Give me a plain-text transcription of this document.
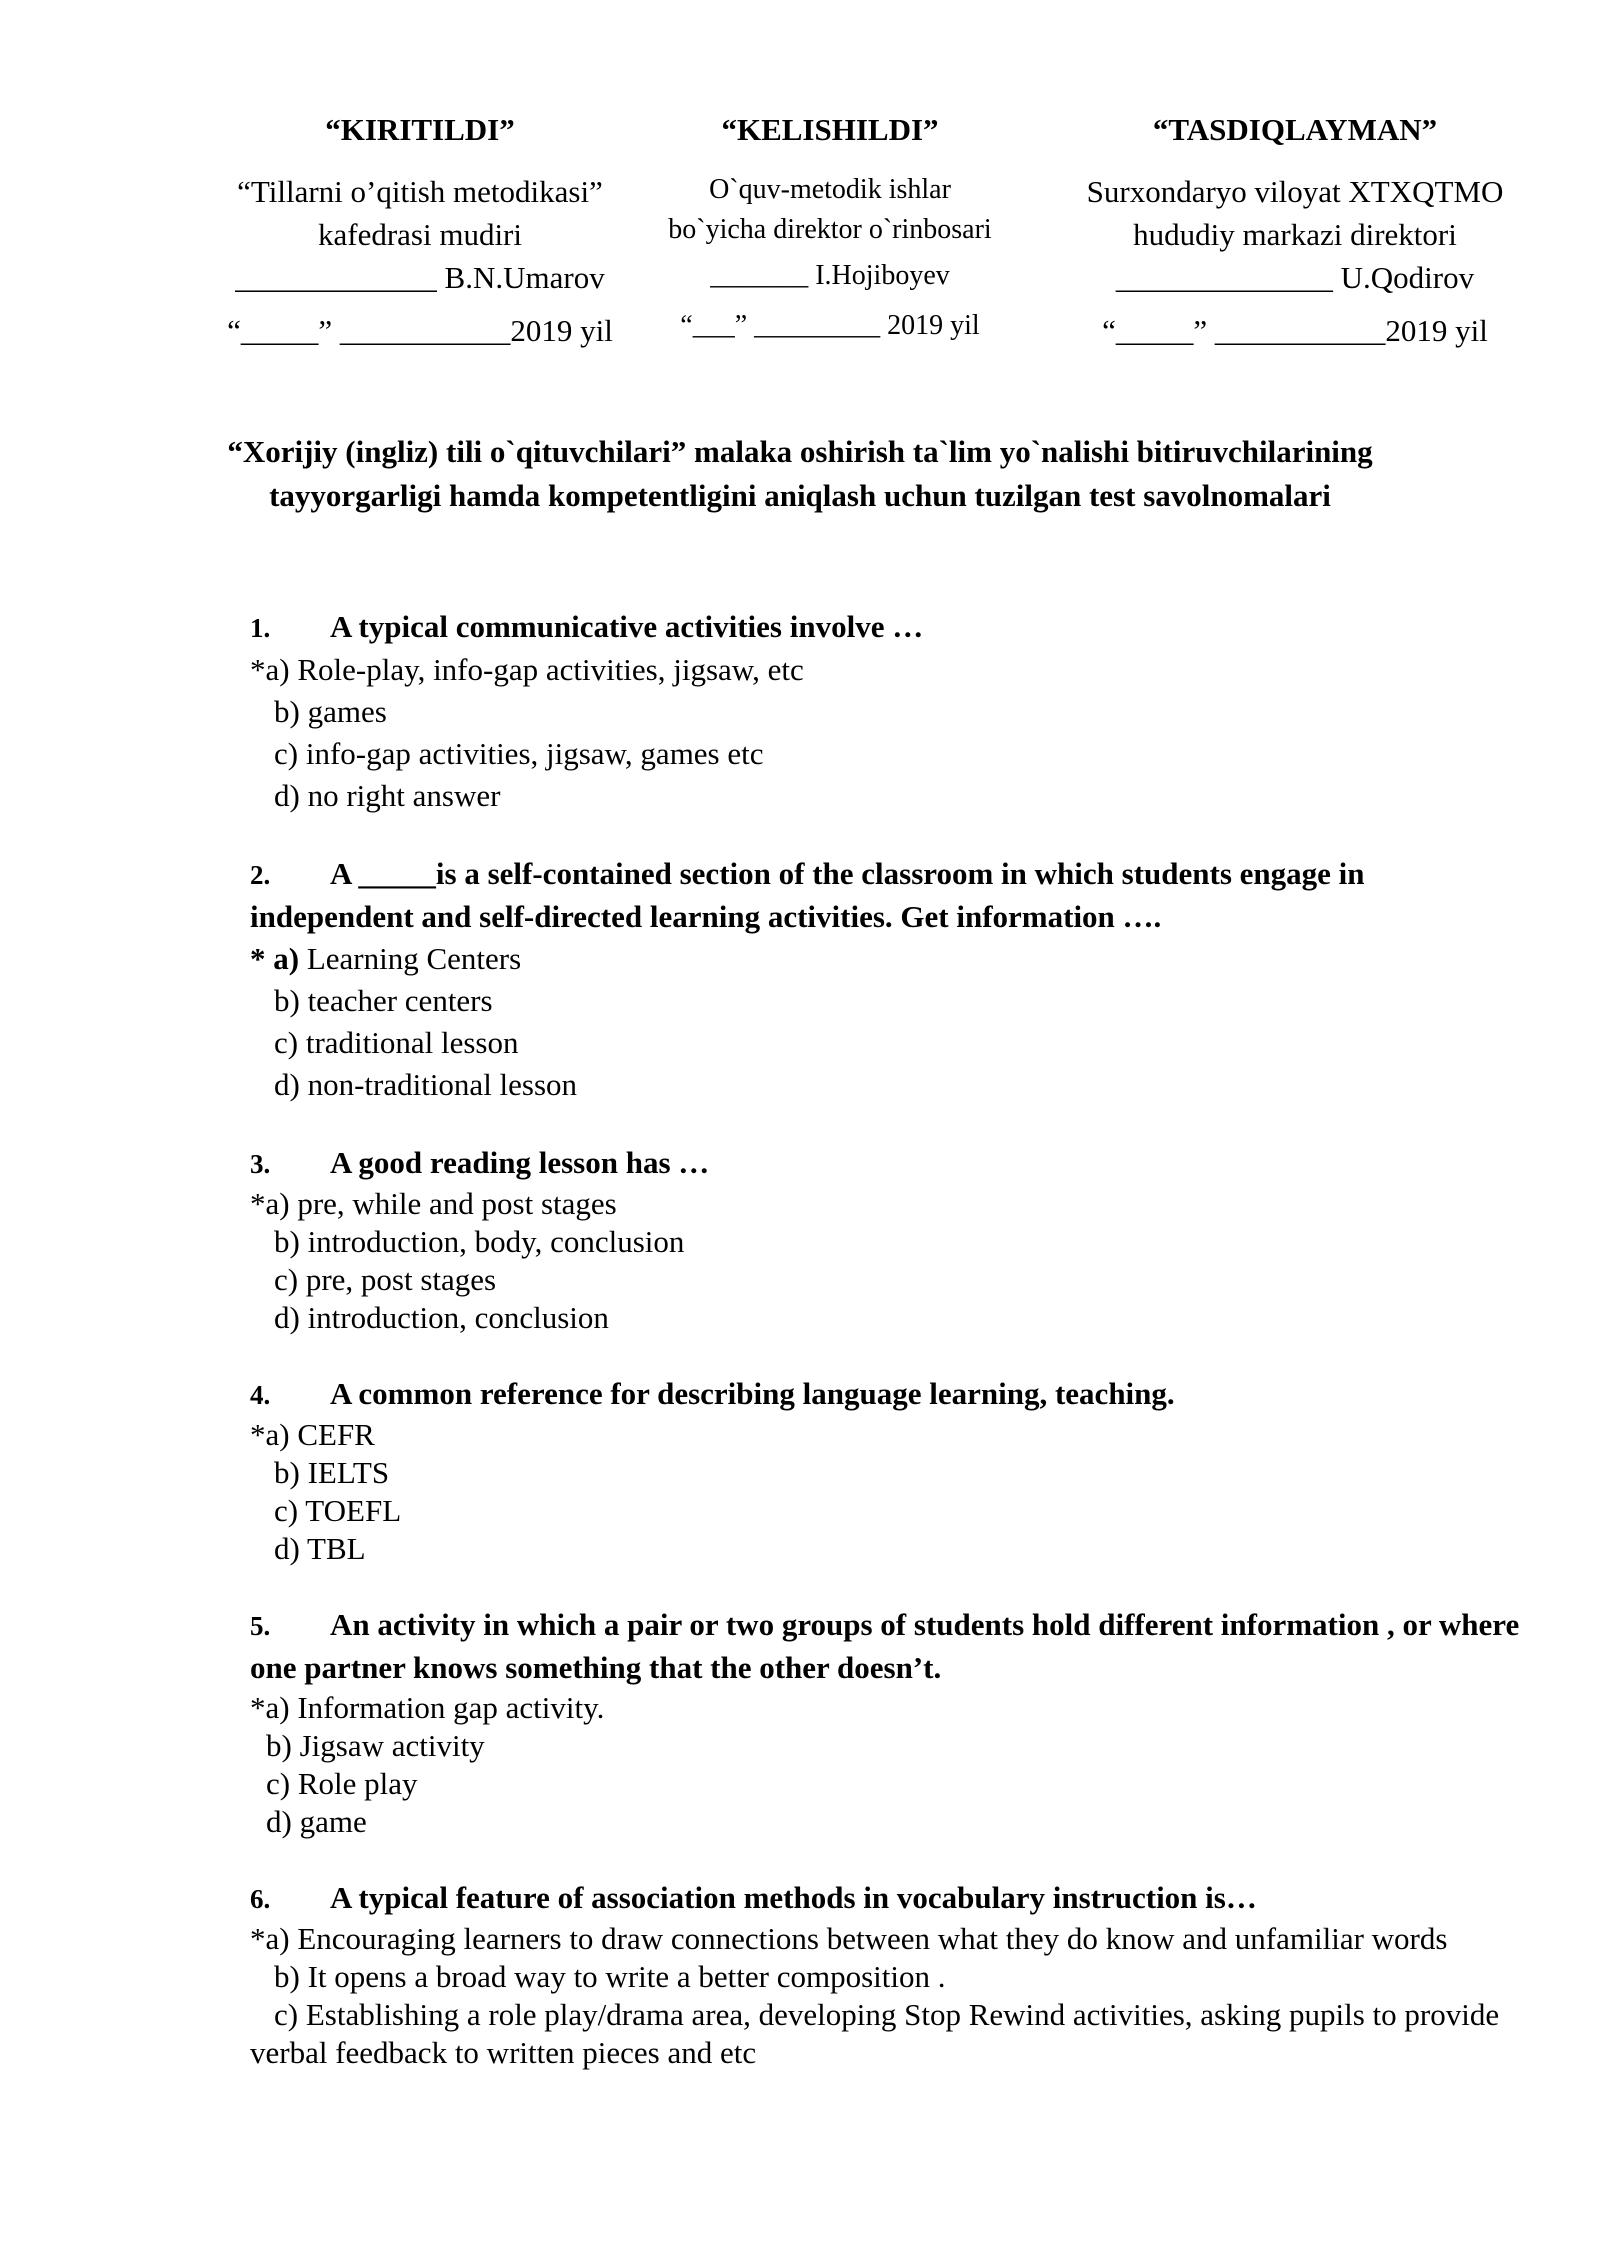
“KIRITILDI”
“Tillarni o’qitish metodikasi”
kafedrasi mudiri
_____________ B.N.Umarov
“_____” ___________2019 yil
“KELISHILDI”
O`quv-metodik ishlar
bo`yicha direktor o`rinbosari
_______ I.Hojiboyev
“___” _________ 2019 yil
“TASDIQLAYMAN”
Surxondaryo viloyat XTXQTMO
hududiy markazi direktori
______________ U.Qodirov
“_____” ___________2019 yil
“Xorijiy (ingliz) tili o`qituvchilari” malaka oshirish ta`lim yo`nalishi bitiruvchilarining
tayyorgarligi hamda kompetentligini aniqlash uchun tuzilgan test savolnomalari
1. A typical communicative activities involve …
*a) Role-play, info-gap activities, jigsaw, etc
b) games
c) info-gap activities, jigsaw, games etc
d) no right answer
2. A _____is a self-contained section of the classroom in which students engage in independent and self-directed learning activities. Get information ….
* a) Learning Centers
b) teacher centers
c) traditional lesson
d) non-traditional lesson
3. A good reading lesson has …
*a) pre, while and post stages
b) introduction, body, conclusion
c) pre, post stages
d) introduction, conclusion
4. A common reference for describing language learning, teaching.
*a) CEFR
b) IELTS
c) TOEFL
d) TBL
5. An activity in which a pair or two groups of students hold different information , or where one partner knows something that the other doesn’t.
*a) Information gap activity.
b) Jigsaw activity
c) Role play
d) game
6. A typical feature of association methods in vocabulary instruction is…
*a) Encouraging learners to draw connections between what they do know and unfamiliar words
b) It opens a broad way to write a better composition .
c) Establishing a role play/drama area, developing Stop Rewind activities, asking pupils to provide verbal feedback to written pieces and etc
